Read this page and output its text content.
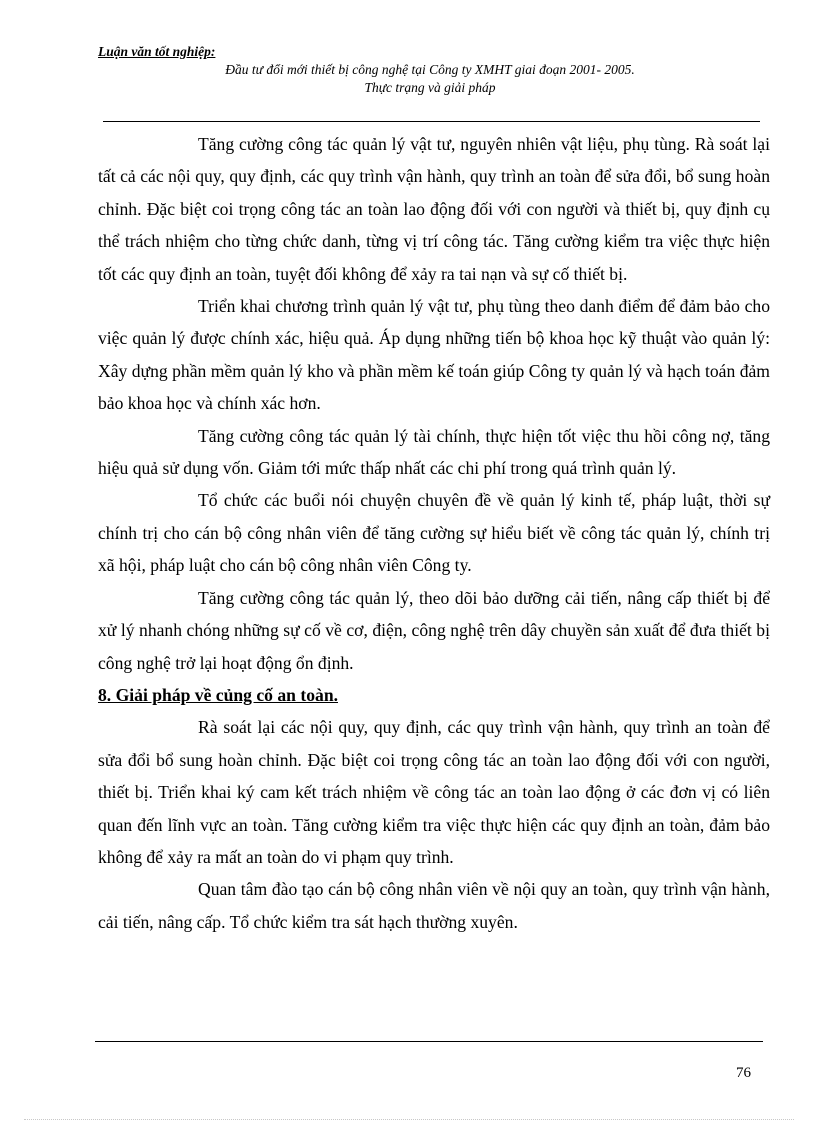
Luận văn tốt nghiệp:
Đầu tư đổi mới thiết bị công nghệ tại Công ty XMHT giai đoạn 2001- 2005.
Thực trạng và giải pháp

Tăng cường công tác quản lý vật tư, nguyên nhiên vật liệu, phụ tùng. Rà soát lại tất cả các nội quy, quy định, các quy trình vận hành, quy trình an toàn để sửa đổi, bổ sung hoàn chỉnh. Đặc biệt coi trọng công tác an toàn lao động đối với con người và thiết bị, quy định cụ thể trách nhiệm cho từng chức danh, từng vị trí công tác. Tăng cường kiểm tra việc thực hiện tốt các quy định an toàn, tuyệt đối không để xảy ra tai nạn và sự cố thiết bị.

Triển khai chương trình quản lý vật tư, phụ tùng theo danh điểm để đảm bảo cho việc quản lý được chính xác, hiệu quả. Áp dụng những tiến bộ khoa học kỹ thuật vào quản lý: Xây dựng phần mềm quản lý kho và phần mềm kế toán giúp Công ty quản lý và hạch toán đảm bảo khoa học và chính xác hơn.

Tăng cường công tác quản lý tài chính, thực hiện tốt việc thu hồi công nợ, tăng hiệu quả sử dụng vốn. Giảm tới mức thấp nhất các chi phí trong quá trình quản lý.

Tổ chức các buổi nói chuyện chuyên đề về quản lý kinh tế, pháp luật, thời sự chính trị cho cán bộ công nhân viên để tăng cường sự hiểu biết về công tác quản lý, chính trị xã hội, pháp luật cho cán bộ công nhân viên Công ty.

Tăng cường công tác quản lý, theo dõi bảo dưỡng cải tiến, nâng cấp thiết bị để xử lý nhanh chóng những sự cố về cơ, điện, công nghệ trên dây chuyền sản xuất để đưa thiết bị công nghệ trở lại hoạt động ổn định.

8. Giải pháp về củng cố an toàn.

Rà soát lại các nội quy, quy định, các quy trình vận hành, quy trình an toàn để sửa đổi bổ sung hoàn chỉnh. Đặc biệt coi trọng công tác an toàn lao động đối với con người, thiết bị. Triển khai ký cam kết trách nhiệm về công tác an toàn lao động ở các đơn vị có liên quan đến lĩnh vực an toàn. Tăng cường kiểm tra việc thực hiện các quy định an toàn, đảm bảo không để xảy ra mất an toàn do vi phạm quy trình.

Quan tâm đào tạo cán bộ công nhân viên về nội quy an toàn, quy trình vận hành, cải tiến, nâng cấp. Tổ chức kiểm tra sát hạch thường xuyên.

76
